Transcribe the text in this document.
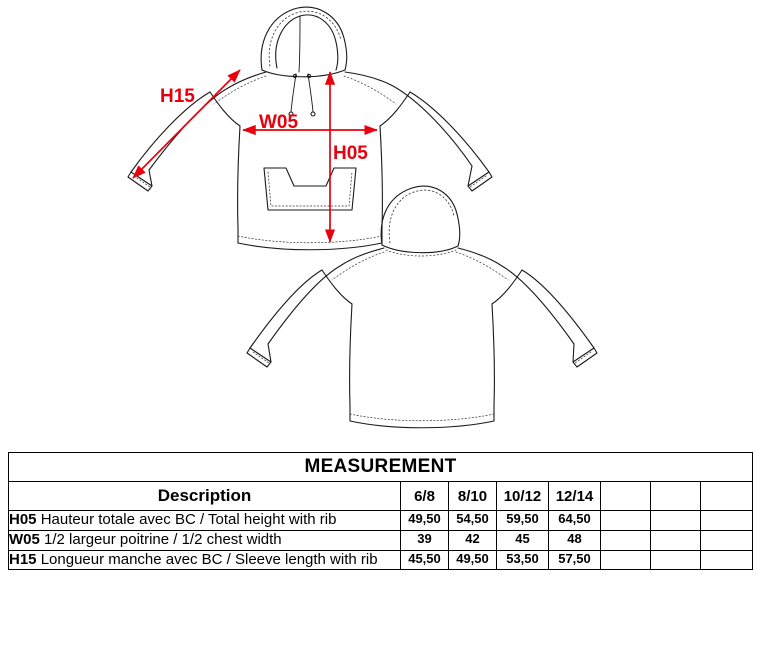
H15
W05
H05
MEASUREMENT							
Description	6/8	8/10	10/12	12/14			
H05 Hauteur totale avec BC / Total height with rib	49,50	54,50	59,50	64,50			
W05 1/2 largeur poitrine / 1/2 chest width	39	42	45	48			
H15 Longueur manche avec BC / Sleeve length with rib	45,50	49,50	53,50	57,50			
